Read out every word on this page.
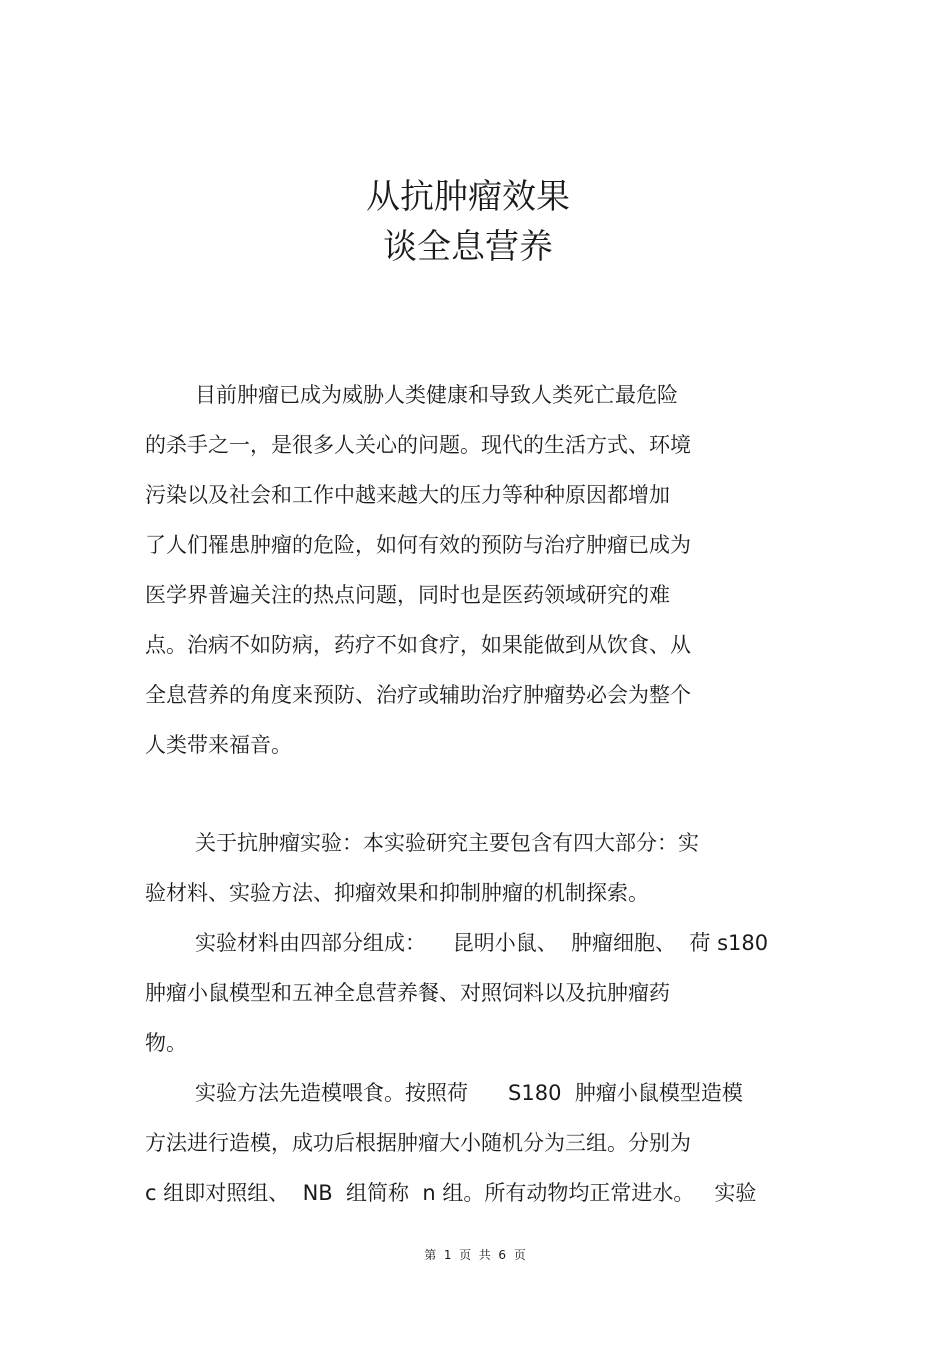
从抗肿瘤效果
谈全息营养
目前肿瘤已成为威胁人类健康和导致人类死亡最危险
的杀手之一，是很多人关心的问题。现代的生活方式、环境
污染以及社会和工作中越来越大的压力等种种原因都增加
了人们罹患肿瘤的危险，如何有效的预防与治疗肿瘤已成为
医学界普遍关注的热点问题，同时也是医药领域研究的难
点。治病不如防病，药疗不如食疗，如果能做到从饮食、从
全息营养的角度来预防、治疗或辅助治疗肿瘤势必会为整个
人类带来福音。
关于抗肿瘤实验：本实验研究主要包含有四大部分：实
验材料、实验方法、抑瘤效果和抑制肿瘤的机制探索。
实验材料由四部分组成：    昆明小鼠、  肿瘤细胞、  荷 s180
肿瘤小鼠模型和五神全息营养餐、对照饲料以及抗肿瘤药
物。
实验方法先造模喂食。按照荷      S180  肿瘤小鼠模型造模
方法进行造模，成功后根据肿瘤大小随机分为三组。分别为
c 组即对照组、  NB  组简称  n 组。所有动物均正常进水。   实验
第  1  页  共  6  页
